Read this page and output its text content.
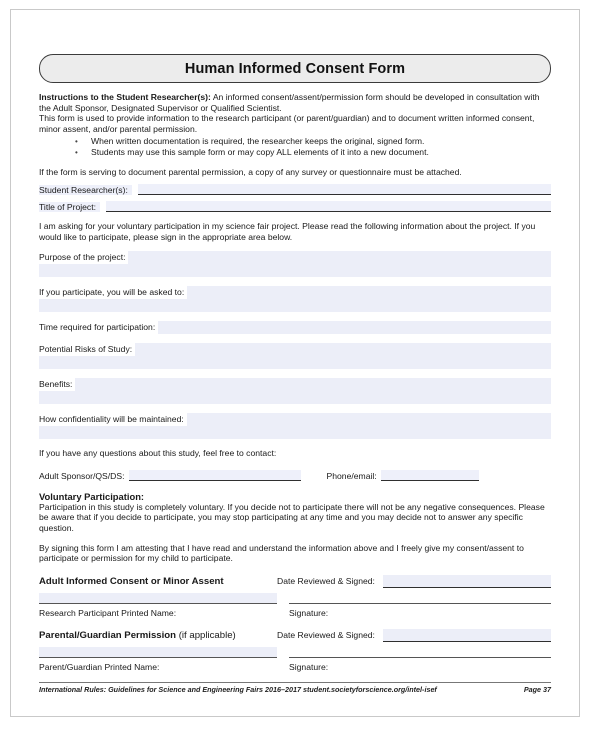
Human Informed Consent Form
Instructions to the Student Researcher(s): An informed consent/assent/permission form should be developed in consultation with the Adult Sponsor, Designated Supervisor or Qualified Scientist.
This form is used to provide information to the research participant (or parent/guardian) and to document written informed consent, minor assent, and/or parental permission.
• When written documentation is required, the researcher keeps the original, signed form.
• Students may use this sample form or may copy ALL elements of it into a new document.
If the form is serving to document parental permission, a copy of any survey or questionnaire must be attached.
Student Researcher(s):
Title of Project:
I am asking for your voluntary participation in my science fair project. Please read the following information about the project. If you would like to participate, please sign in the appropriate area below.
Purpose of the project:
If you participate, you will be asked to:
Time required for participation:
Potential Risks of Study:
Benefits:
How confidentiality will be maintained:
If you have any questions about this study, feel free to contact:
Adult Sponsor/QS/DS:	Phone/email:
Voluntary Participation:
Participation in this study is completely voluntary. If you decide not to participate there will not be any negative consequences. Please be aware that if you decide to participate, you may stop participating at any time and you may decide not to answer any specific question.
By signing this form I am attesting that I have read and understand the information above and I freely give my consent/assent to participate or permission for my child to participate.
Adult Informed Consent or Minor Assent	Date Reviewed & Signed:
Research Participant Printed Name:	Signature:
Parental/Guardian Permission (if applicable)	Date Reviewed & Signed:
Parent/Guardian Printed Name:	Signature:
International Rules: Guidelines for Science and Engineering Fairs 2016–2017 student.societyforscience.org/intel-isef	Page 37
